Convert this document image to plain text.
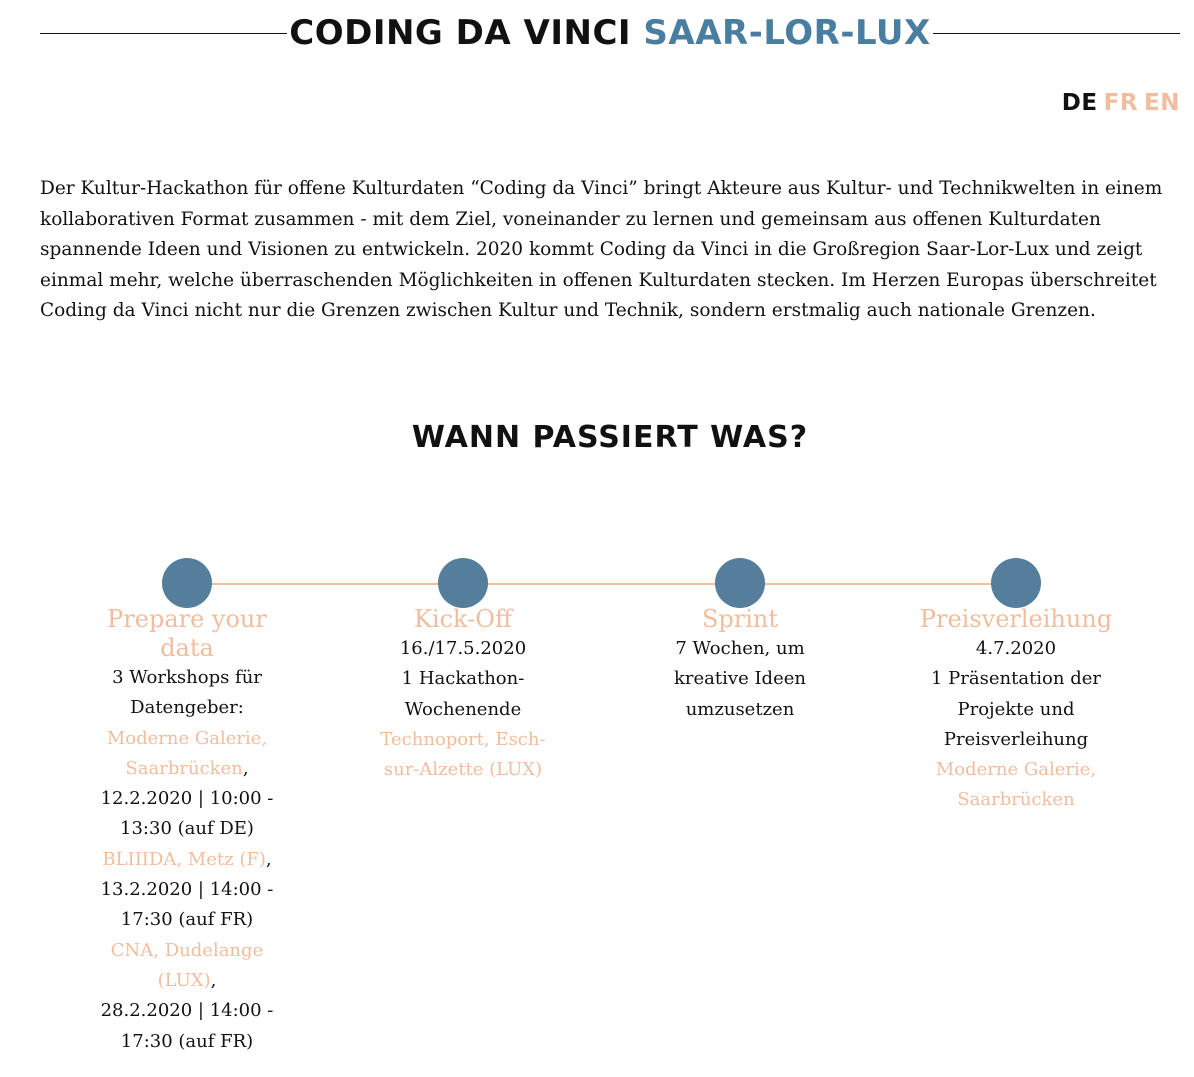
CODING DA VINCI SAAR-LOR-LUX
DE FR EN

Der Kultur-Hackathon für offene Kulturdaten “Coding da Vinci” bringt Akteure aus Kultur- und Technikwelten in einem kollaborativen Format zusammen - mit dem Ziel, voneinander zu lernen und gemeinsam aus offenen Kulturdaten spannende Ideen und Visionen zu entwickeln. 2020 kommt Coding da Vinci in die Großregion Saar-Lor-Lux und zeigt einmal mehr, welche überraschenden Möglichkeiten in offenen Kulturdaten stecken. Im Herzen Europas überschreitet Coding da Vinci nicht nur die Grenzen zwischen Kultur und Technik, sondern erstmalig auch nationale Grenzen.

WANN PASSIERT WAS?
Prepare your data
3 Workshops für Datengeber:
Moderne Galerie, Saarbrücken,
12.2.2020 | 10:00 - 13:30 (auf DE)
BLIIIDA, Metz (F),
13.2.2020 | 14:00 - 17:30 (auf FR)
CNA, Dudelange (LUX),
28.2.2020 | 14:00 - 17:30 (auf FR)
Kick-Off
16./17.5.2020
1 Hackathon-Wochenende
Technoport, Esch-sur-Alzette (LUX)
Sprint
7 Wochen, um kreative Ideen umzusetzen
Preisverleihung
4.7.2020
1 Präsentation der Projekte und Preisverleihung
Moderne Galerie, Saarbrücken
